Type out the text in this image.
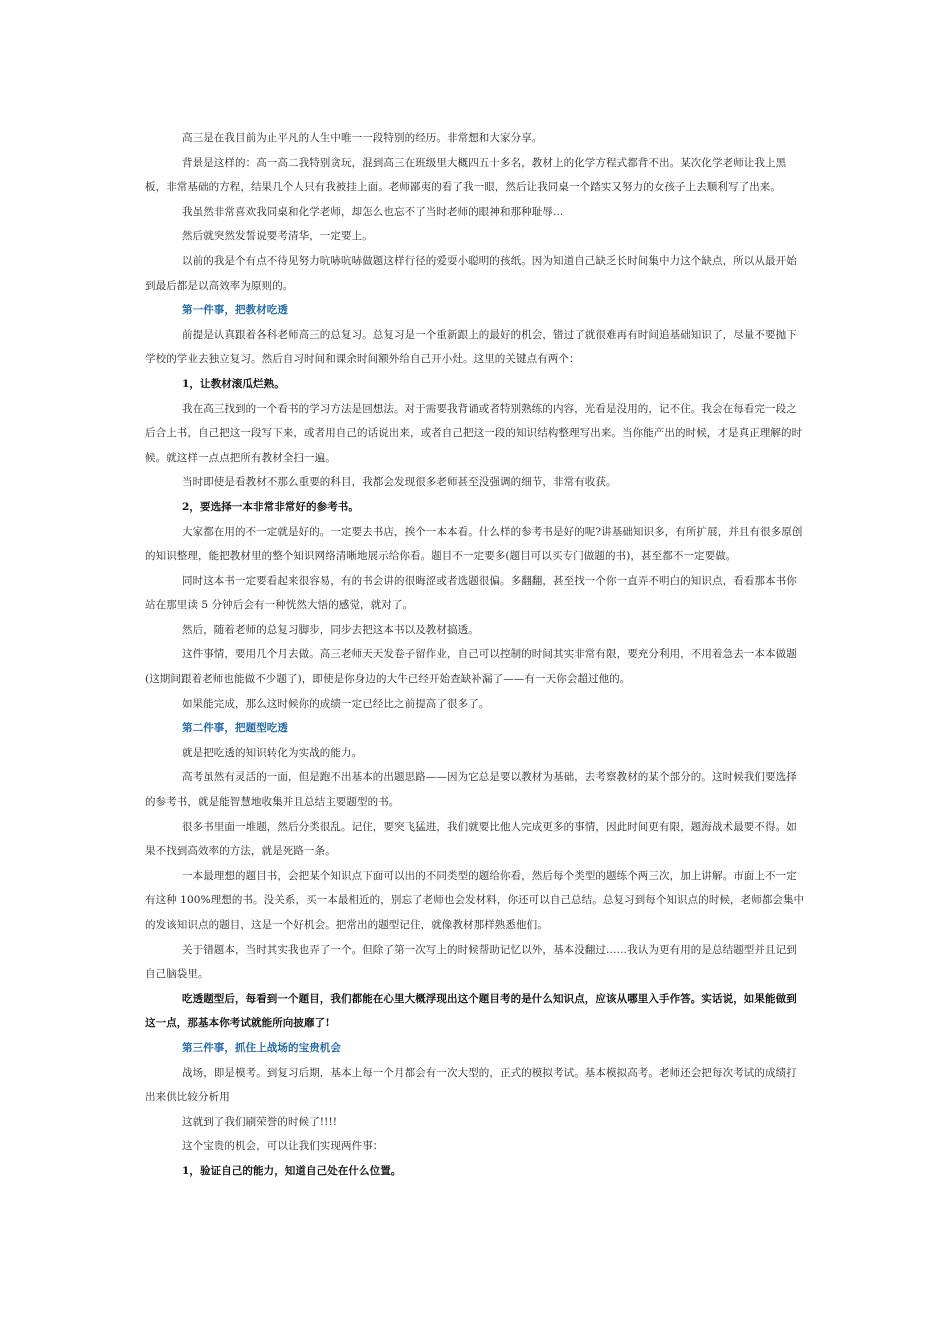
高三是在我目前为止平凡的人生中唯一一段特别的经历。非常想和大家分享。

背景是这样的：高一高二我特别贪玩，混到高三在班级里大概四五十多名，教材上的化学方程式都背不出。某次化学老师让我上黑板，非常基础的方程，结果几个人只有我被挂上面。老师鄙夷的看了我一眼，然后让我同桌一个踏实又努力的女孩子上去顺利写了出来。

我虽然非常喜欢我同桌和化学老师，却怎么也忘不了当时老师的眼神和那种耻辱...

然后就突然发誓说要考清华，一定要上。

以前的我是个有点不待见努力吭哧吭哧做题这样行径的爱耍小聪明的孩纸。因为知道自己缺乏长时间集中力这个缺点，所以从最开始到最后都是以高效率为原则的。

第一件事，把教材吃透

前提是认真跟着各科老师高三的总复习。总复习是一个重新跟上的最好的机会，错过了就很难再有时间追基础知识了，尽量不要抛下学校的学业去独立复习。然后自习时间和课余时间额外给自己开小灶。这里的关键点有两个：

1，让教材滚瓜烂熟。

我在高三找到的一个看书的学习方法是回想法。对于需要我背诵或者特别熟练的内容，光看是没用的，记不住。我会在每看完一段之后合上书，自己把这一段写下来，或者用自己的话说出来，或者自己把这一段的知识结构整理写出来。当你能产出的时候，才是真正理解的时候。就这样一点点把所有教材全扫一遍。

当时即使是看教材不那么重要的科目，我都会发现很多老师甚至没强调的细节，非常有收获。

2，要选择一本非常非常好的参考书。

大家都在用的不一定就是好的。一定要去书店，挨个一本本看。什么样的参考书是好的呢?讲基础知识多，有所扩展，并且有很多原创的知识整理，能把教材里的整个知识网络清晰地展示给你看。题目不一定要多(题目可以买专门做题的书)，甚至都不一定要做。

同时这本书一定要看起来很容易，有的书会讲的很晦涩或者选题很偏。多翻翻，甚至找一个你一直弄不明白的知识点，看看那本书你站在那里读 5 分钟后会有一种恍然大悟的感觉，就对了。

然后，随着老师的总复习脚步，同步去把这本书以及教材搞透。

这件事情，要用几个月去做。高三老师天天发卷子留作业，自己可以控制的时间其实非常有限，要充分利用，不用着急去一本本做题(这期间跟着老师也能做不少题了)，即使是你身边的大牛已经开始查缺补漏了——有一天你会超过他的。

如果能完成，那么这时候你的成绩一定已经比之前提高了很多了。

第二件事，把题型吃透

就是把吃透的知识转化为实战的能力。

高考虽然有灵活的一面，但是跑不出基本的出题思路——因为它总是要以教材为基础，去考察教材的某个部分的。这时候我们要选择的参考书，就是能智慧地收集并且总结主要题型的书。

很多书里面一堆题，然后分类很乱。记住，要突飞猛进，我们就要比他人完成更多的事情，因此时间更有限，题海战术最要不得。如果不找到高效率的方法，就是死路一条。

一本最理想的题目书，会把某个知识点下面可以出的不同类型的题给你看，然后每个类型的题练个两三次，加上讲解。市面上不一定有这种 100%理想的书。没关系，买一本最相近的，别忘了老师也会发材料，你还可以自己总结。总复习到每个知识点的时候，老师都会集中的发该知识点的题目，这是一个好机会。把常出的题型记住，就像教材那样熟悉他们。

关于错题本，当时其实我也弄了一个。但除了第一次写上的时候帮助记忆以外，基本没翻过……我认为更有用的是总结题型并且记到自己脑袋里。

吃透题型后，每看到一个题目，我们都能在心里大概浮现出这个题目考的是什么知识点，应该从哪里入手作答。实话说，如果能做到这一点，那基本你考试就能所向披靡了!

第三件事，抓住上战场的宝贵机会

战场，即是模考。到复习后期，基本上每一个月都会有一次大型的，正式的模拟考试。基本模拟高考。老师还会把每次考试的成绩打出来供比较分析用

这就到了我们刷荣誉的时候了!!!!

这个宝贵的机会，可以让我们实现两件事：

1，验证自己的能力，知道自己处在什么位置。
